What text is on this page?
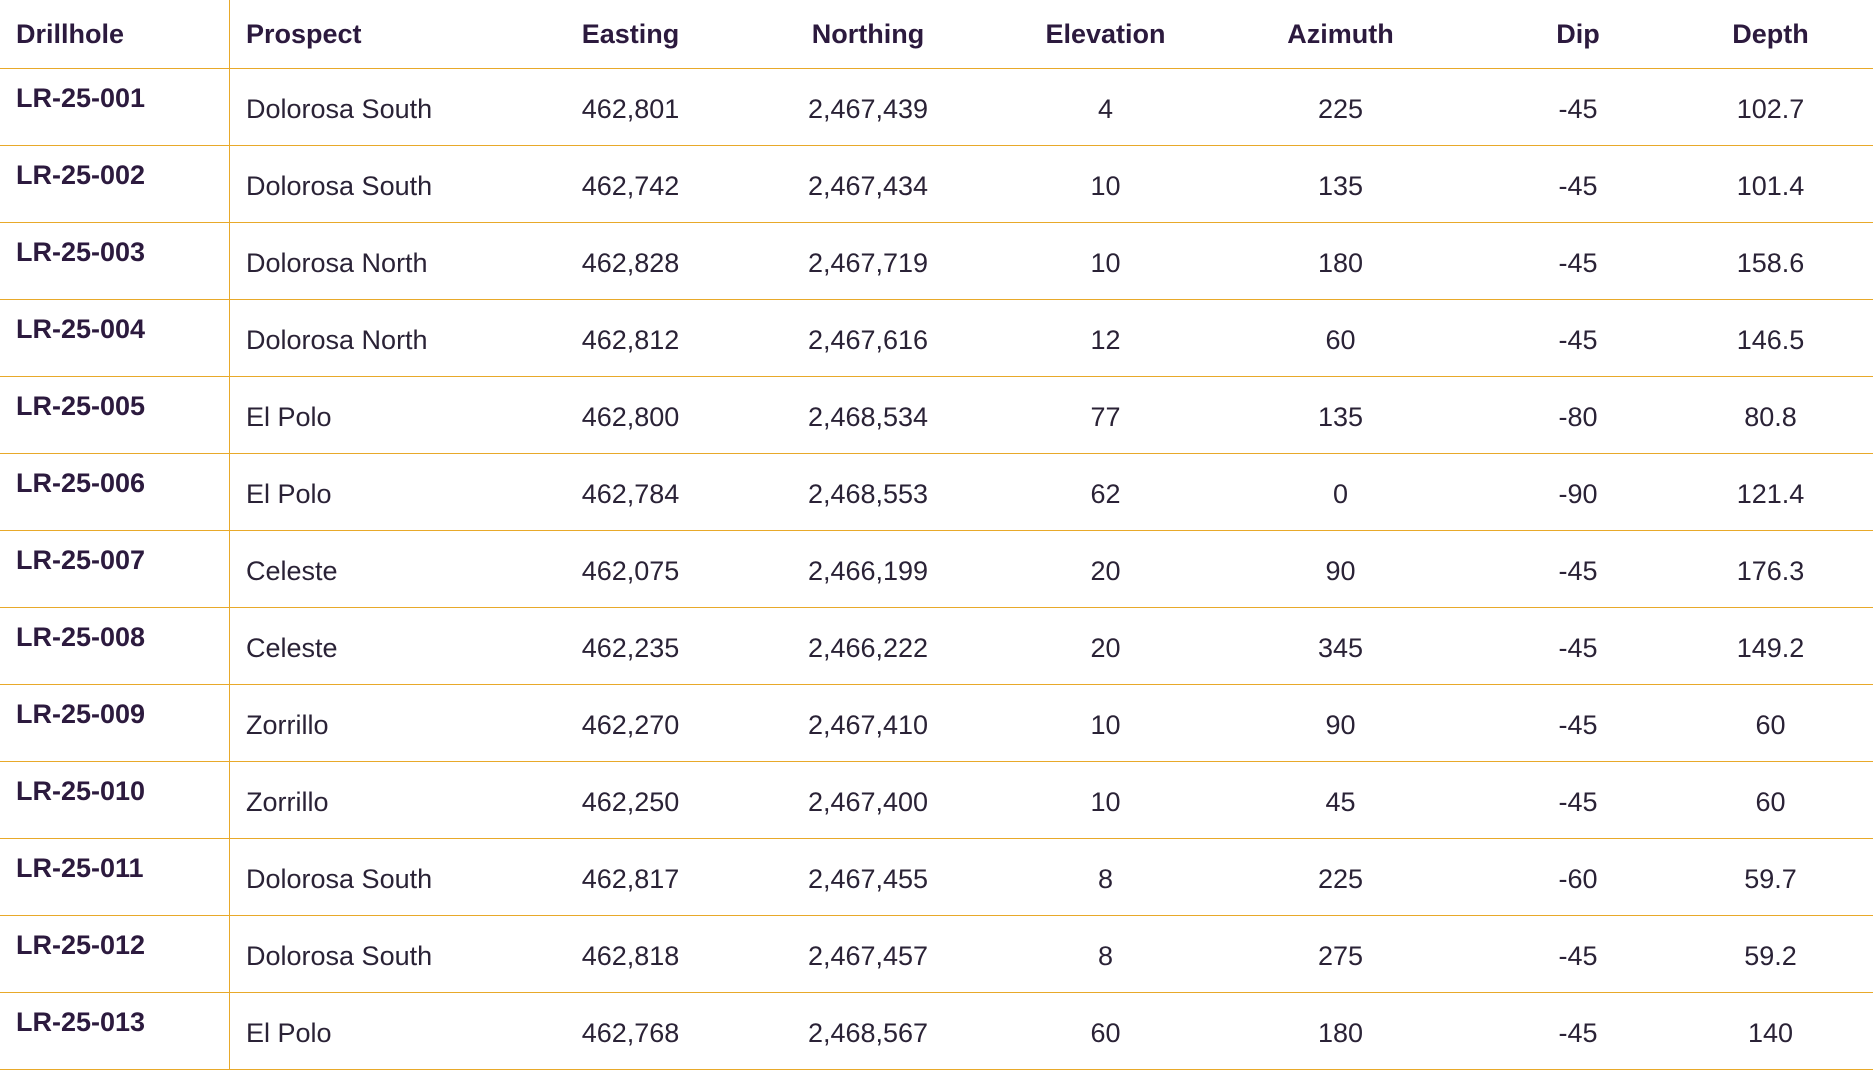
Drillhole	Prospect	Easting	Northing	Elevation	Azimuth	Dip	Depth
LR-25-001	Dolorosa South	462,801	2,467,439	4	225	-45	102.7
LR-25-002	Dolorosa South	462,742	2,467,434	10	135	-45	101.4
LR-25-003	Dolorosa North	462,828	2,467,719	10	180	-45	158.6
LR-25-004	Dolorosa North	462,812	2,467,616	12	60	-45	146.5
LR-25-005	El Polo	462,800	2,468,534	77	135	-80	80.8
LR-25-006	El Polo	462,784	2,468,553	62	0	-90	121.4
LR-25-007	Celeste	462,075	2,466,199	20	90	-45	176.3
LR-25-008	Celeste	462,235	2,466,222	20	345	-45	149.2
LR-25-009	Zorrillo	462,270	2,467,410	10	90	-45	60
LR-25-010	Zorrillo	462,250	2,467,400	10	45	-45	60
LR-25-011	Dolorosa South	462,817	2,467,455	8	225	-60	59.7
LR-25-012	Dolorosa South	462,818	2,467,457	8	275	-45	59.2
LR-25-013	El Polo	462,768	2,468,567	60	180	-45	140
